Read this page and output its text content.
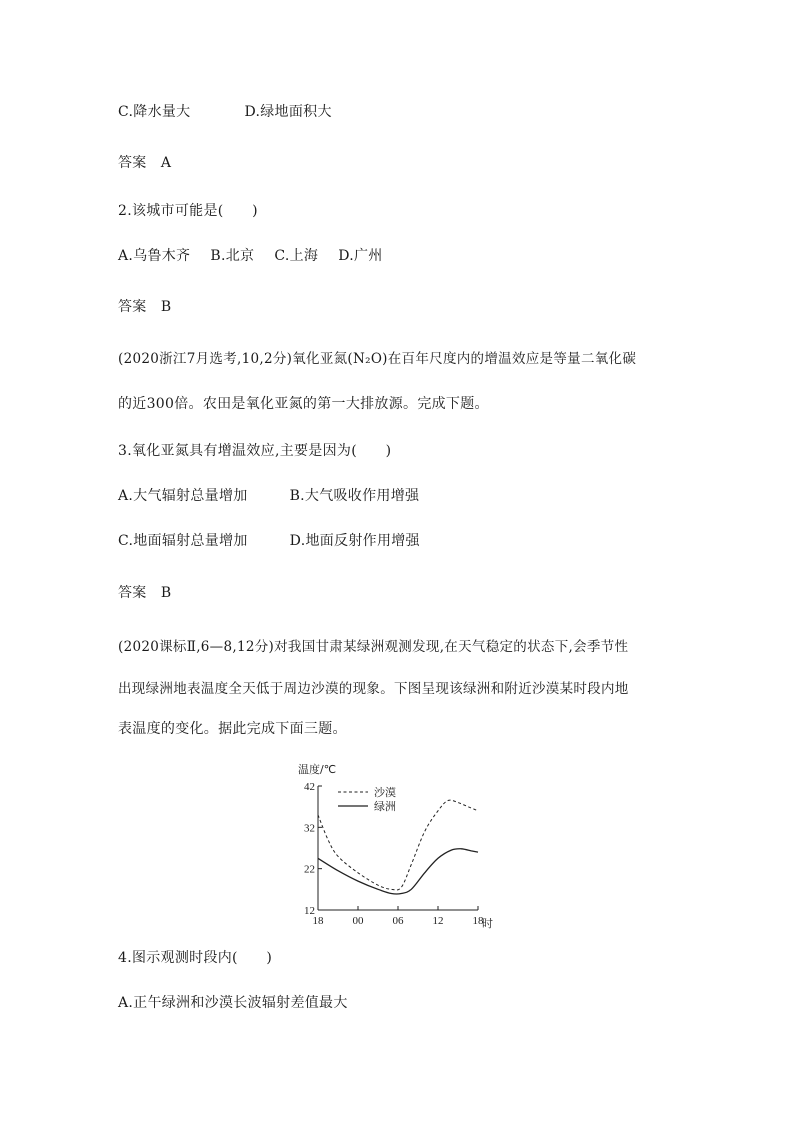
C.降水量大	D.绿地面积大
答案　A
2.该城市可能是(　　)
A.乌鲁木齐 B.北京 C.上海 D.广州
答案　B
(2020浙江7月选考,10,2分)氧化亚氮(N₂O)在百年尺度内的增温效应是等量二氧化碳
的近300倍。农田是氧化亚氮的第一大排放源。完成下题。
3.氧化亚氮具有增温效应,主要是因为(　　)
A.大气辐射总量增加	B.大气吸收作用增强
C.地面辐射总量增加	D.地面反射作用增强
答案　B
(2020课标Ⅱ,6—8,12分)对我国甘肃某绿洲观测发现,在天气稳定的状态下,会季节性
出现绿洲地表温度全天低于周边沙漠的现象。下图呈现该绿洲和附近沙漠某时段内地
表温度的变化。据此完成下面三题。
温度/℃
42
32
22
12
18	00	06	12	18
沙漠
绿洲
时
4.图示观测时段内(　　)
A.正午绿洲和沙漠长波辐射差值最大
